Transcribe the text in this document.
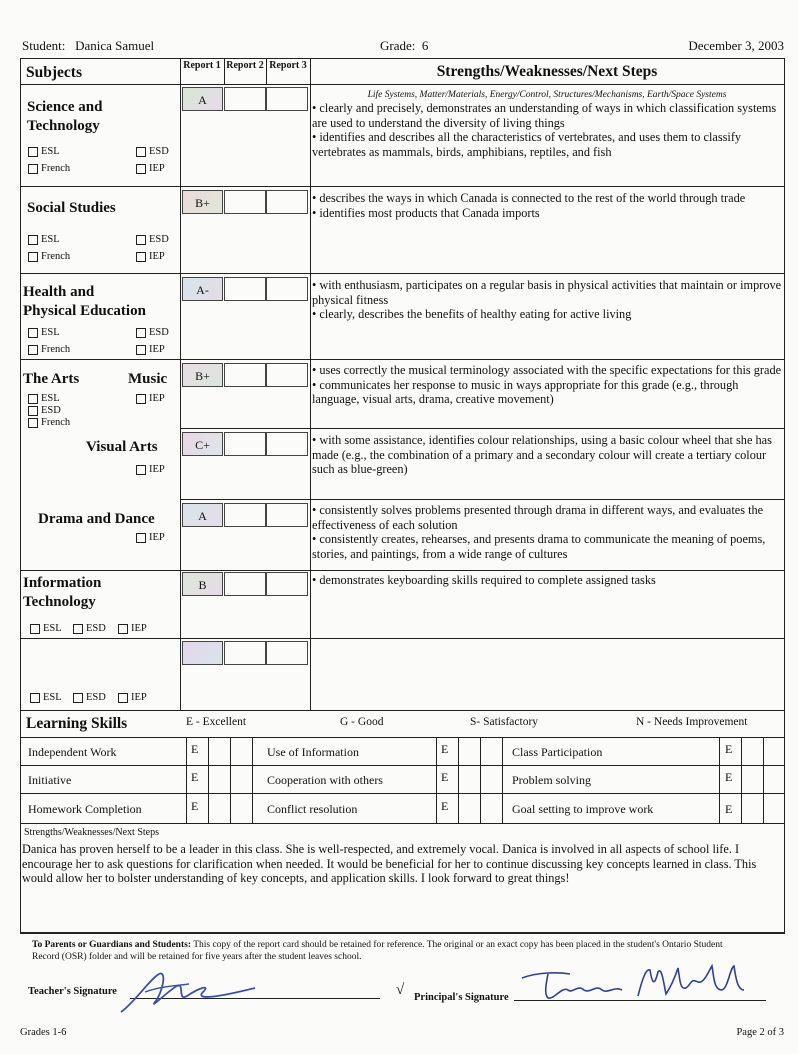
Student: Danica Samuel	Grade: 6	December 3, 2003
Subjects	Report 1 Report 2 Report 3	Strengths/Weaknesses/Next Steps
Science and
Technology
ESL	ESD
French	IEP
A	Life Systems, Matter/Materials, Energy/Control, Structures/Mechanisms, Earth/Space Systems
• clearly and precisely, demonstrates an understanding of ways in which classification systems are used to understand the diversity of living things
• identifies and describes all the characteristics of vertebrates, and uses them to classify vertebrates as mammals, birds, amphibians, reptiles, and fish
Social Studies
ESL	ESD
French	IEP
B+	• describes the ways in which Canada is connected to the rest of the world through trade
• identifies most products that Canada imports
Health and
Physical Education
ESL	ESD
French	IEP
A-	• with enthusiasm, participates on a regular basis in physical activities that maintain or improve physical fitness
• clearly, describes the benefits of healthy eating for active living
The Arts	Music
ESL
ESD
French
IEP
B+	• uses correctly the musical terminology associated with the specific expectations for this grade
• communicates her response to music in ways appropriate for this grade (e.g., through language, visual arts, drama, creative movement)
Visual Arts
IEP
C+	• with some assistance, identifies colour relationships, using a basic colour wheel that she has made (e.g., the combination of a primary and a secondary colour will create a tertiary colour such as blue-green)
Drama and Dance
IEP
A	• consistently solves problems presented through drama in different ways, and evaluates the effectiveness of each solution
• consistently creates, rehearses, and presents drama to communicate the meaning of poems, stories, and paintings, from a wide range of cultures
Information
Technology
ESL ESD IEP
B	• demonstrates keyboarding skills required to complete assigned tasks
ESL ESD IEP
Learning Skills	E - Excellent	G - Good	S- Satisfactory	N - Needs Improvement
Independent Work	E	Use of Information	E	Class Participation	E
Initiative	E	Cooperation with others	E	Problem solving	E
Homework Completion	E	Conflict resolution	E	Goal setting to improve work	E
Strengths/Weaknesses/Next Steps
Danica has proven herself to be a leader in this class. She is well-respected, and extremely vocal. Danica is involved in all aspects of school life. I encourage her to ask questions for clarification when needed. It would be beneficial for her to continue discussing key concepts learned in class. This would allow her to bolster understanding of key concepts, and application skills. I look forward to great things!
To Parents or Guardians and Students: This copy of the report card should be retained for reference. The original or an exact copy has been placed in the student's Ontario Student Record (OSR) folder and will be retained for five years after the student leaves school.
Teacher's Signature	√ Principal's Signature
Grades 1-6	Page 2 of 3
